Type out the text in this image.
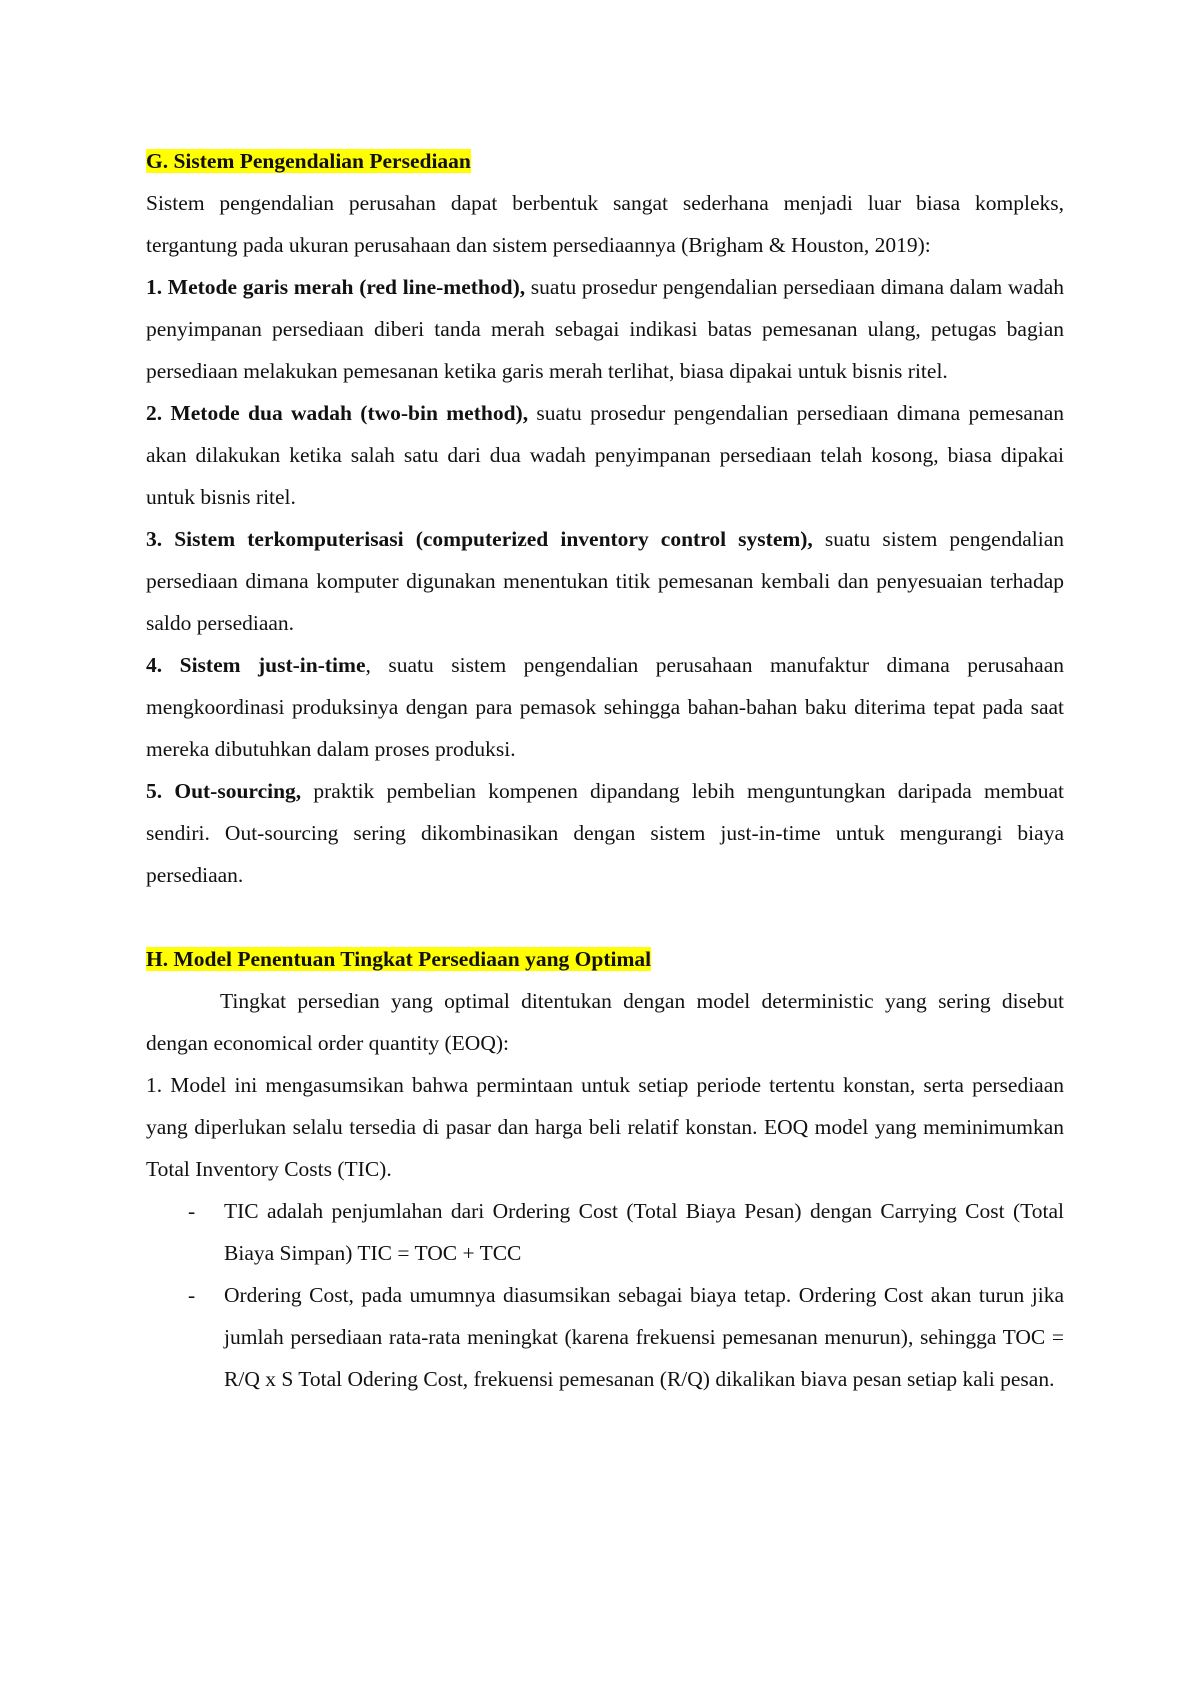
G. Sistem Pengendalian Persediaan

Sistem pengendalian perusahan dapat berbentuk sangat sederhana menjadi luar biasa kompleks, tergantung pada ukuran perusahaan dan sistem persediaannya (Brigham & Houston, 2019):

1. Metode garis merah (red line-method), suatu prosedur pengendalian persediaan dimana dalam wadah penyimpanan persediaan diberi tanda merah sebagai indikasi batas pemesanan ulang, petugas bagian persediaan melakukan pemesanan ketika garis merah terlihat, biasa dipakai untuk bisnis ritel.

2. Metode dua wadah (two-bin method), suatu prosedur pengendalian persediaan dimana pemesanan akan dilakukan ketika salah satu dari dua wadah penyimpanan persediaan telah kosong, biasa dipakai untuk bisnis ritel.

3. Sistem terkomputerisasi (computerized inventory control system), suatu sistem pengendalian persediaan dimana komputer digunakan menentukan titik pemesanan kembali dan penyesuaian terhadap saldo persediaan.

4. Sistem just-in-time, suatu sistem pengendalian perusahaan manufaktur dimana perusahaan mengkoordinasi produksinya dengan para pemasok sehingga bahan-bahan baku diterima tepat pada saat mereka dibutuhkan dalam proses produksi.

5. Out-sourcing, praktik pembelian kompenen dipandang lebih menguntungkan daripada membuat sendiri. Out-sourcing sering dikombinasikan dengan sistem just-in-time untuk mengurangi biaya persediaan.

H. Model Penentuan Tingkat Persediaan yang Optimal

Tingkat persedian yang optimal ditentukan dengan model deterministic yang sering disebut dengan economical order quantity (EOQ):

1. Model ini mengasumsikan bahwa permintaan untuk setiap periode tertentu konstan, serta persediaan yang diperlukan selalu tersedia di pasar dan harga beli relatif konstan. EOQ model yang meminimumkan Total Inventory Costs (TIC).

- TIC adalah penjumlahan dari Ordering Cost (Total Biaya Pesan) dengan Carrying Cost (Total Biaya Simpan) TIC = TOC + TCC
- Ordering Cost, pada umumnya diasumsikan sebagai biaya tetap. Ordering Cost akan turun jika jumlah persediaan rata-rata meningkat (karena frekuensi pemesanan menurun), sehingga TOC = R/Q x S Total Odering Cost, frekuensi pemesanan (R/Q) dikalikan biava pesan setiap kali pesan.
